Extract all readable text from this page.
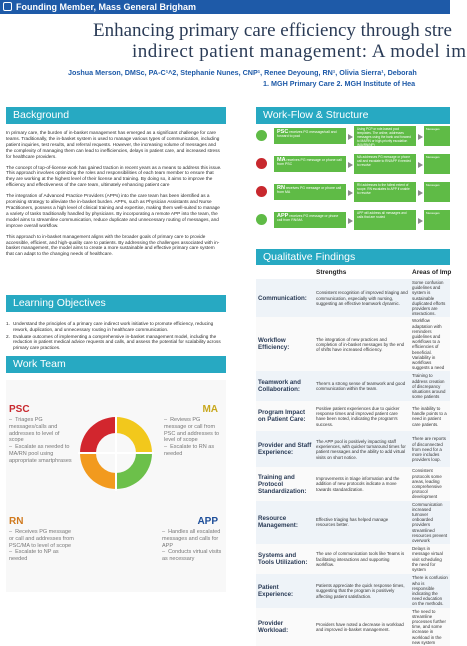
Founding Member, Mass General Brigham
Enhancing primary care efficiency through stre
indirect patient management: A model im
Joshua Merson, DMSc, PA-C¹˄2, Stephanie Nunes, CNP¹, Renee Deyoung, RN¹, Olivia Sierra¹, Deborah
1. MGH Primary Care 2. MGH Institute of Hea
Background

In primary care, the burden of in-basket management has emerged as a significant challenge for care teams. Traditionally, the in-basket system is used to manage various types of communication, including patient inquiries, test results, and referral requests. However, the increasing volume of messages and the complexity of managing them can lead to inefficiencies, delays in patient care, and increased stress for healthcare providers.

The concept of top-of-license work has gained traction in recent years as a means to address this issue. This approach involves optimizing the roles and responsibilities of each team member to ensure that they are working at the highest level of their license and training. By doing so, it aims to improve the efficiency and effectiveness of the care team, ultimately enhancing patient care

The integration of Advanced Practice Providers (APPs) into the care team has been identified as a promising strategy to alleviate the in-basket burden. APPs, such as Physician Assistants and Nurse Practitioners, possess a high level of clinical training and expertise, making them well-suited to manage a variety of tasks traditionally handled by physicians. By incorporating a remote APP into the team, the model aims to streamline communication, reduce duplicate and unnecessary routing of messages, and improve overall workflow.

This approach to in-basket management aligns with the broader goals of primary care to provide accessible, efficient, and high-quality care to patients. By addressing the challenges associated with in-basket management, the model aims to create a more sustainable and effective primary care system that can adapt to the changing needs of healthcare.

Learning Objectives
1. Understand the principles of a primary care indirect work initiative to promote efficiency, reducing rework, duplication, and unnecessary routing in healthcare communication.
2. Evaluate outcomes of implementing a comprehensive in-basket management model, including the reduction in patient medical advice requests and calls, and assess the potential for scalability across primary care practices.
Work Team
PSC
– Triages PG messages/calls and addresses to level of scope
– Escalate as needed to MA/RN pool using appropriate smartphrases
MA
– Reviews PG message or call from PSC and addresses to level of scope
– Escalate to RN as needed
RN
– Receives PG message or call and addresses from PSC/MA to level of scope
– Escalate to NP as needed
APP
– Handles all escalated messages and calls for APP
– Conducts virtual visits as necessary
Work-Flow & Structure
PSC receives PG message/call and forward to pool
Using PCP or role-based pool templates. The online, addresses messages using the bank and forward to MA/RN or high-priority escalation (MA/RN/NP)
Messages
MA receives PG message or phone call from PSC
MA addresses PG message or phone call and escalate to RN/APP if needed to resolve
Messages
RN receives PG message or phone call from MA
RN addresses to the fullest extent of scope. RN escalates to APP if unable to resolve
Messages
APP receives PG message or phone call from RN/MA
APP will address all messages and calls that are routed
Messages
Qualitative Findings
	Strengths	Areas of Imp
Communication:	Consistent recognition of improved triaging and communication, especially with nursing, suggesting an effective teamwork dynamic.	Some confusion guidelines and system is sustainable duplicated efforts providers are interactions.
Workflow Efficiency:	The integration of new practices and completion of in-basket messages by the end of shifts have increased efficiency.	Workflow adaptation with reminders guidelines and workflows to a efficiencies of beneficial. Variability in workflows suggests a need
Teamwork and Collaboration:	There's a strong sense of teamwork and good communication within the team.	Training to address creation of discrepancy situations around some patients
Program Impact on Patient Care:	Positive patient experiences due to quicker response times and improved patient care have been noted, indicating the program's success.	The inability to handle points to a need in patient care patients.
Provider and Staff Experience:	The APP pool is positively impacting staff experiences, with quicker turnaround times for patient messages and the ability to add virtual visits on short notice.	There are reports of disconnected from need for a more includes providers loop.
Training and Protocol Standardization:	Improvements in triage information and the addition of new protocols indicate a move towards standardization.	Consistent protocols some areas, leading comprehensive protocol development
Resource Management:	Effective triaging has helped manage resources better.	Communication increased turnover onboarded providers streamlined resources prevent overwork
Systems and Tools Utilization:	The use of communication tools like Teams is facilitating interactions and supporting workflow.	Delays in message virtual visit scheduling the need for system
Patient Experience:	Patients appreciate the quick response times, suggesting that the program is positively affecting patient satisfaction.	There is confusion who is responsible indicating the need education on the methods.
Provider Workload:	Providers have noted a decrease in workload and improved in-basket management.	The need to streamline processes further time, and some increase in workload in the new system
